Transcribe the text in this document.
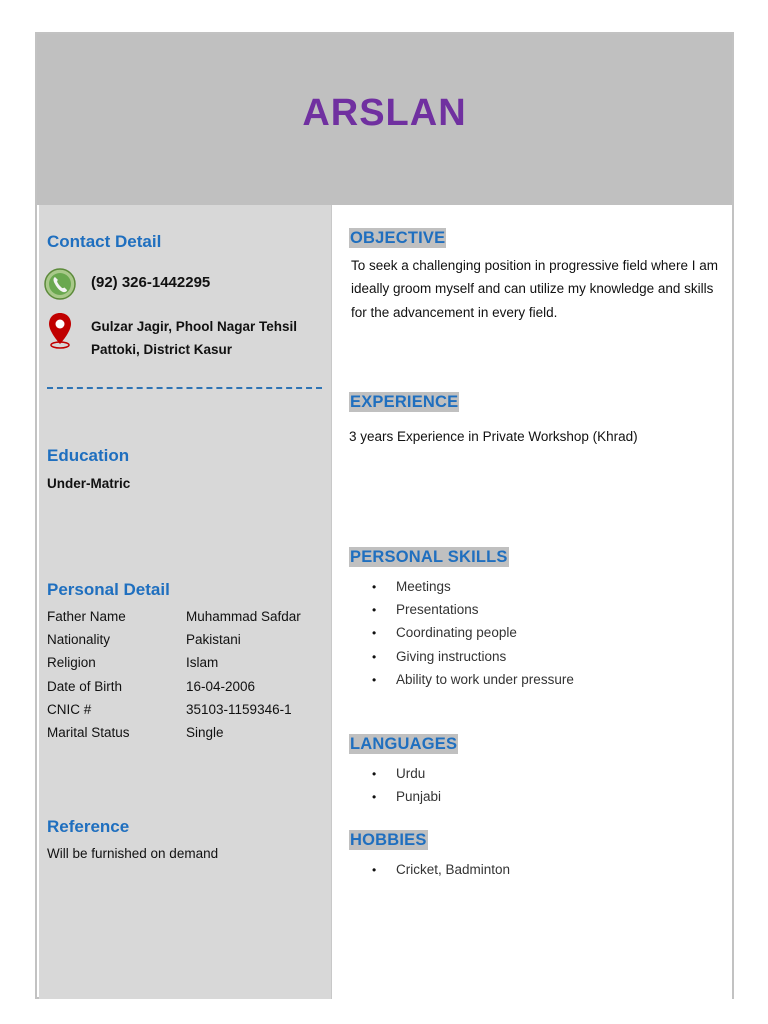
ARSLAN
Contact Detail
(92) 326-1442295
Gulzar Jagir, Phool Nagar Tehsil
Pattoki, District Kasur
Education
Under-Matric
Personal Detail
Father Name	Muhammad Safdar
Nationality	Pakistani
Religion	Islam
Date of Birth	16-04-2006
CNIC #	35103-1159346-1
Marital Status	Single
Reference
Will be furnished on demand
OBJECTIVE
To seek a challenging position in progressive field where I am ideally groom myself and can utilize my knowledge and skills for the advancement in every field.
EXPERIENCE
3 years Experience in Private Workshop (Khrad)
PERSONAL SKILLS
• Meetings
• Presentations
• Coordinating people
• Giving instructions
• Ability to work under pressure
LANGUAGES
• Urdu
• Punjabi
HOBBIES
• Cricket, Badminton
